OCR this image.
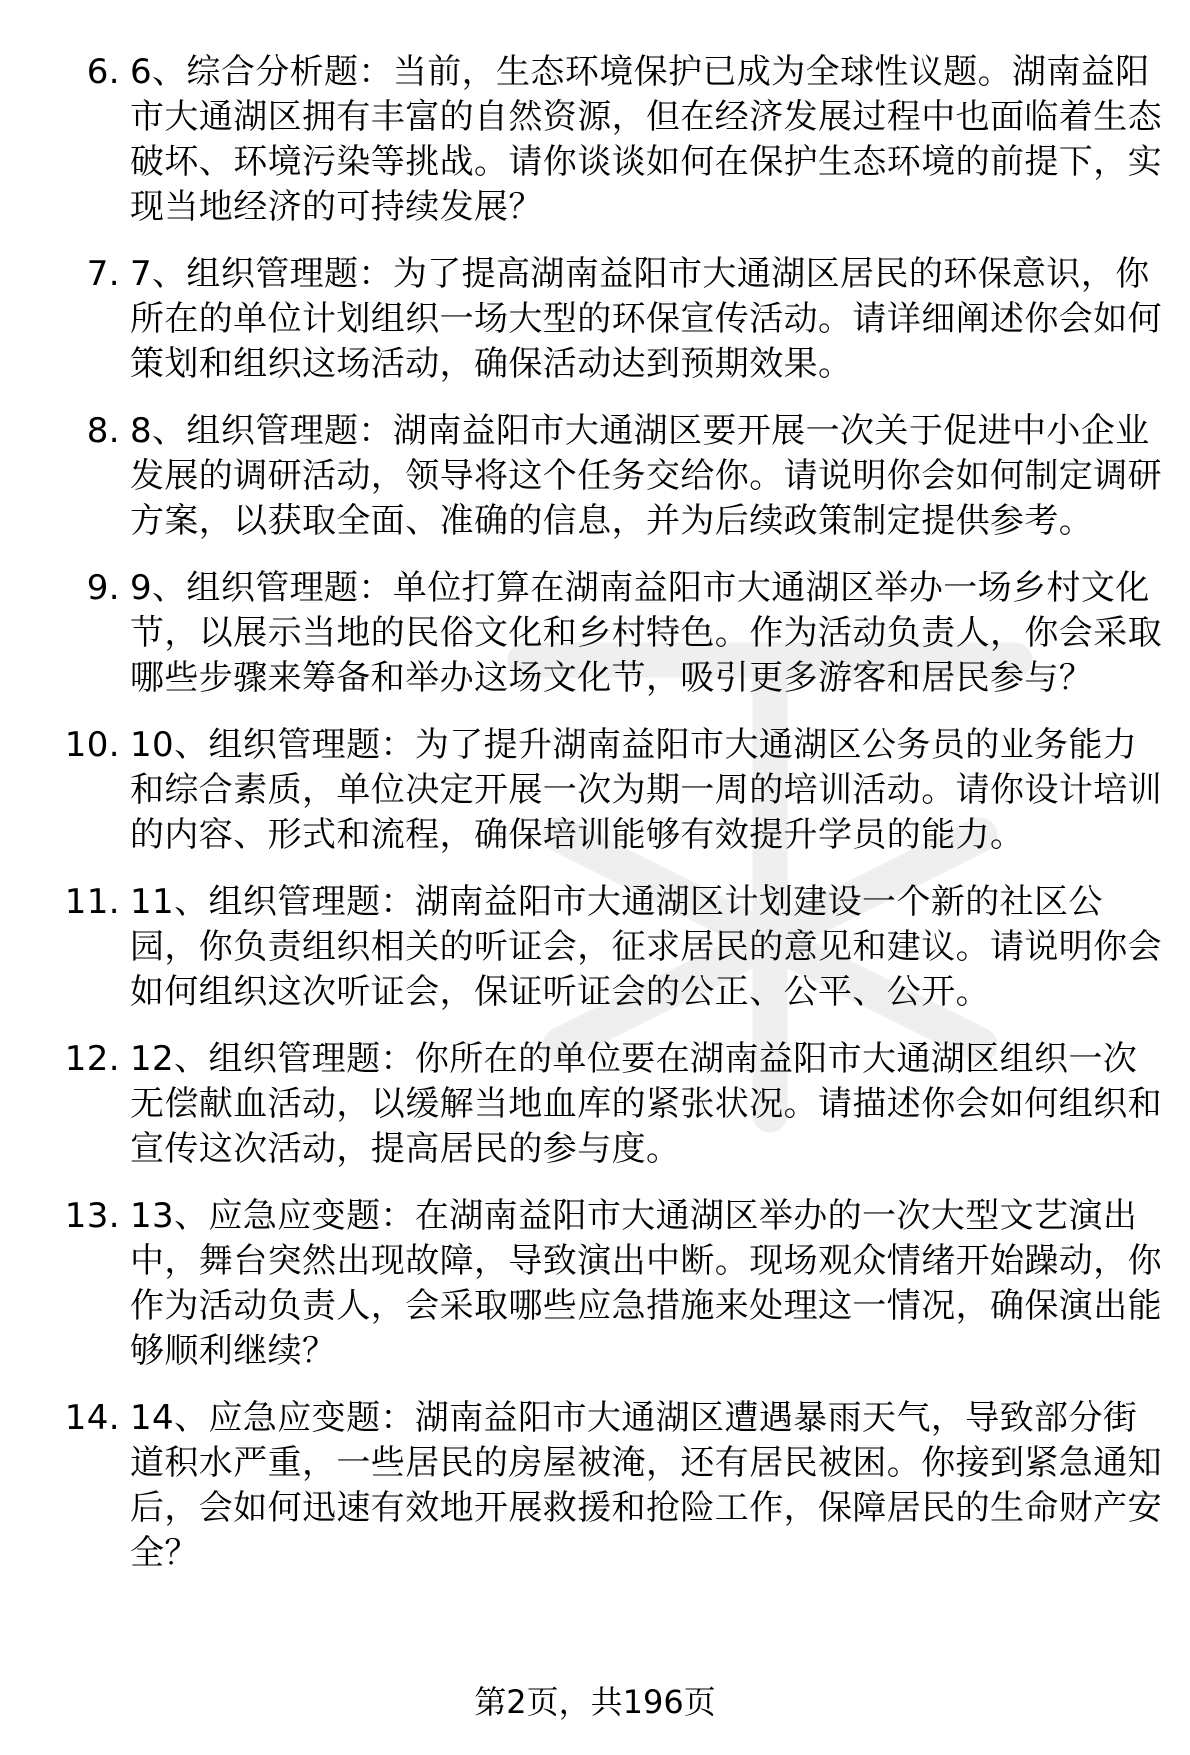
6. 6、综合分析题：当前，生态环境保护已成为全球性议题。湖南益阳市大通湖区拥有丰富的自然资源，但在经济发展过程中也面临着生态破坏、环境污染等挑战。请你谈谈如何在保护生态环境的前提下，实现当地经济的可持续发展？
7. 7、组织管理题：为了提高湖南益阳市大通湖区居民的环保意识，你所在的单位计划组织一场大型的环保宣传活动。请详细阐述你会如何策划和组织这场活动，确保活动达到预期效果。
8. 8、组织管理题：湖南益阳市大通湖区要开展一次关于促进中小企业发展的调研活动，领导将这个任务交给你。请说明你会如何制定调研方案，以获取全面、准确的信息，并为后续政策制定提供参考。
9. 9、组织管理题：单位打算在湖南益阳市大通湖区举办一场乡村文化节，以展示当地的民俗文化和乡村特色。作为活动负责人，你会采取哪些步骤来筹备和举办这场文化节，吸引更多游客和居民参与？
10. 10、组织管理题：为了提升湖南益阳市大通湖区公务员的业务能力和综合素质，单位决定开展一次为期一周的培训活动。请你设计培训的内容、形式和流程，确保培训能够有效提升学员的能力。
11. 11、组织管理题：湖南益阳市大通湖区计划建设一个新的社区公园，你负责组织相关的听证会，征求居民的意见和建议。请说明你会如何组织这次听证会，保证听证会的公正、公平、公开。
12. 12、组织管理题：你所在的单位要在湖南益阳市大通湖区组织一次无偿献血活动，以缓解当地血库的紧张状况。请描述你会如何组织和宣传这次活动，提高居民的参与度。
13. 13、应急应变题：在湖南益阳市大通湖区举办的一次大型文艺演出中，舞台突然出现故障，导致演出中断。现场观众情绪开始躁动，你作为活动负责人，会采取哪些应急措施来处理这一情况，确保演出能够顺利继续？
14. 14、应急应变题：湖南益阳市大通湖区遭遇暴雨天气，导致部分街道积水严重，一些居民的房屋被淹，还有居民被困。你接到紧急通知后，会如何迅速有效地开展救援和抢险工作，保障居民的生命财产安全？
第2页，共196页
